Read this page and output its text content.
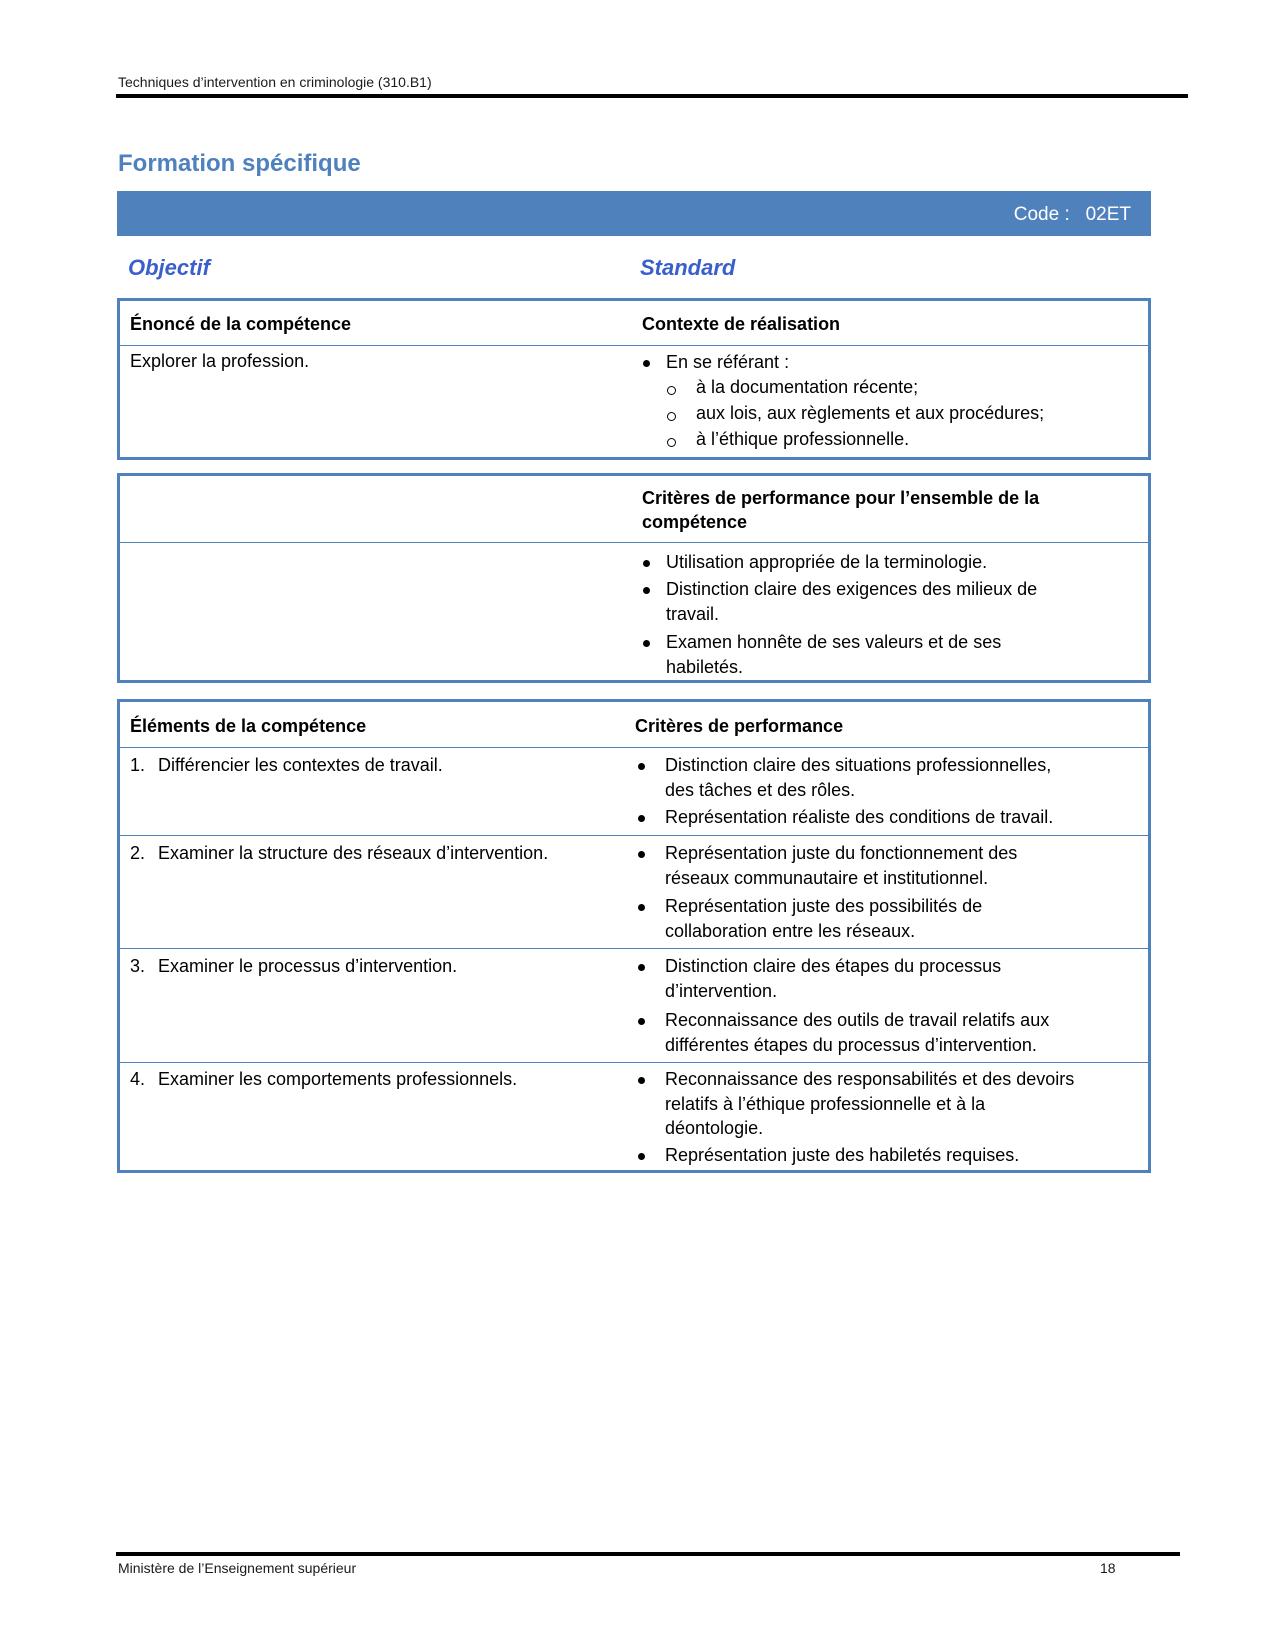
Techniques d’intervention en criminologie (310.B1)
Formation spécifique
Code :   02ET
Objectif	Standard
Énoncé de la compétence	Contexte de réalisation
Explorer la profession.	En se référant :
à la documentation récente;
aux lois, aux règlements et aux procédures;
à l’éthique professionnelle.
Critères de performance pour l’ensemble de la
compétence
Utilisation appropriée de la terminologie.
Distinction claire des exigences des milieux de
travail.
Examen honnête de ses valeurs et de ses
habiletés.
Éléments de la compétence	Critères de performance
1. Différencier les contextes de travail.	Distinction claire des situations professionnelles,
des tâches et des rôles.
Représentation réaliste des conditions de travail.
2. Examiner la structure des réseaux d’intervention.	Représentation juste du fonctionnement des
réseaux communautaire et institutionnel.
Représentation juste des possibilités de
collaboration entre les réseaux.
3. Examiner le processus d’intervention.	Distinction claire des étapes du processus
d’intervention.
Reconnaissance des outils de travail relatifs aux
différentes étapes du processus d’intervention.
4. Examiner les comportements professionnels.	Reconnaissance des responsabilités et des devoirs
relatifs à l’éthique professionnelle et à la
déontologie.
Représentation juste des habiletés requises.
Ministère de l’Enseignement supérieur	18
